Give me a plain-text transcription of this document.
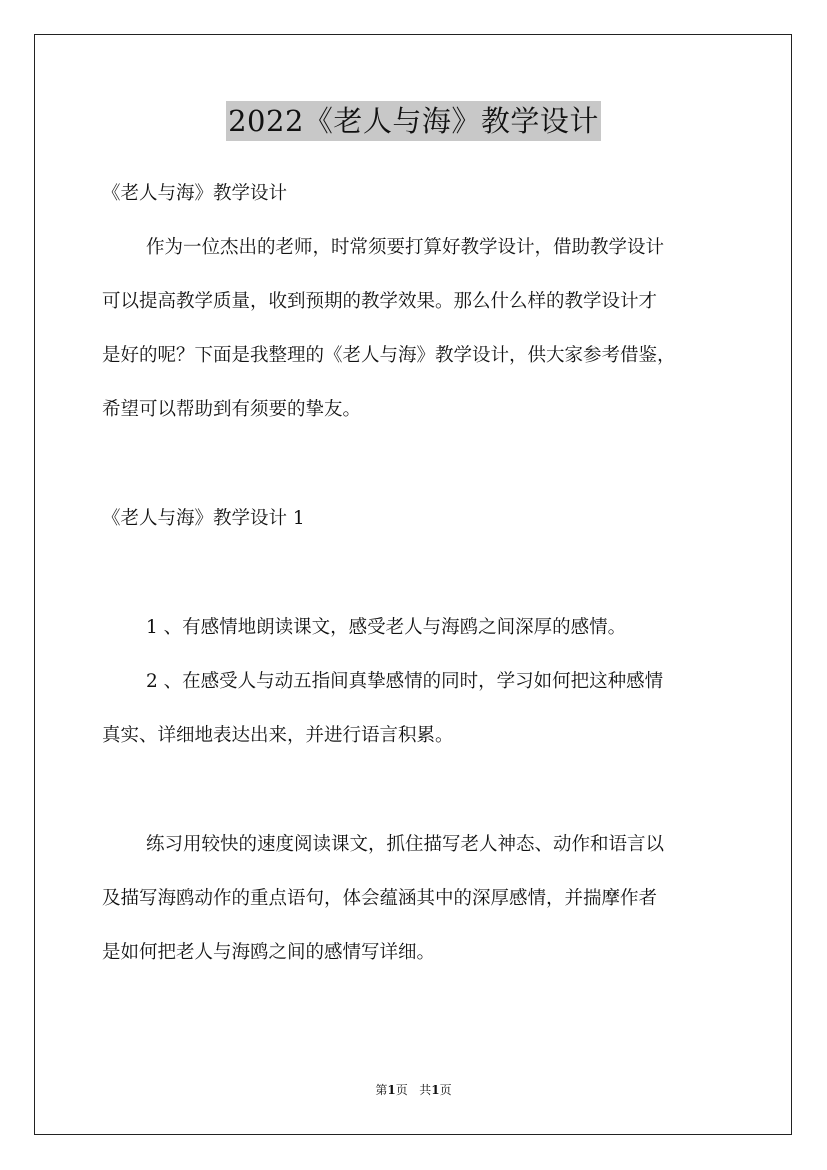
2022《老人与海》教学设计
《老人与海》教学设计
作为一位杰出的老师，时常须要打算好教学设计，借助教学设计
可以提高教学质量，收到预期的教学效果。那么什么样的教学设计才
是好的呢？下面是我整理的《老人与海》教学设计，供大家参考借鉴，
希望可以帮助到有须要的挚友。
《老人与海》教学设计 1
1 、有感情地朗读课文，感受老人与海鸥之间深厚的感情。
2 、在感受人与动五指间真挚感情的同时，学习如何把这种感情
真实、详细地表达出来，并进行语言积累。
练习用较快的速度阅读课文，抓住描写老人神态、动作和语言以
及描写海鸥动作的重点语句，体会蕴涵其中的深厚感情，并揣摩作者
是如何把老人与海鸥之间的感情写详细。
第1页 共1页
